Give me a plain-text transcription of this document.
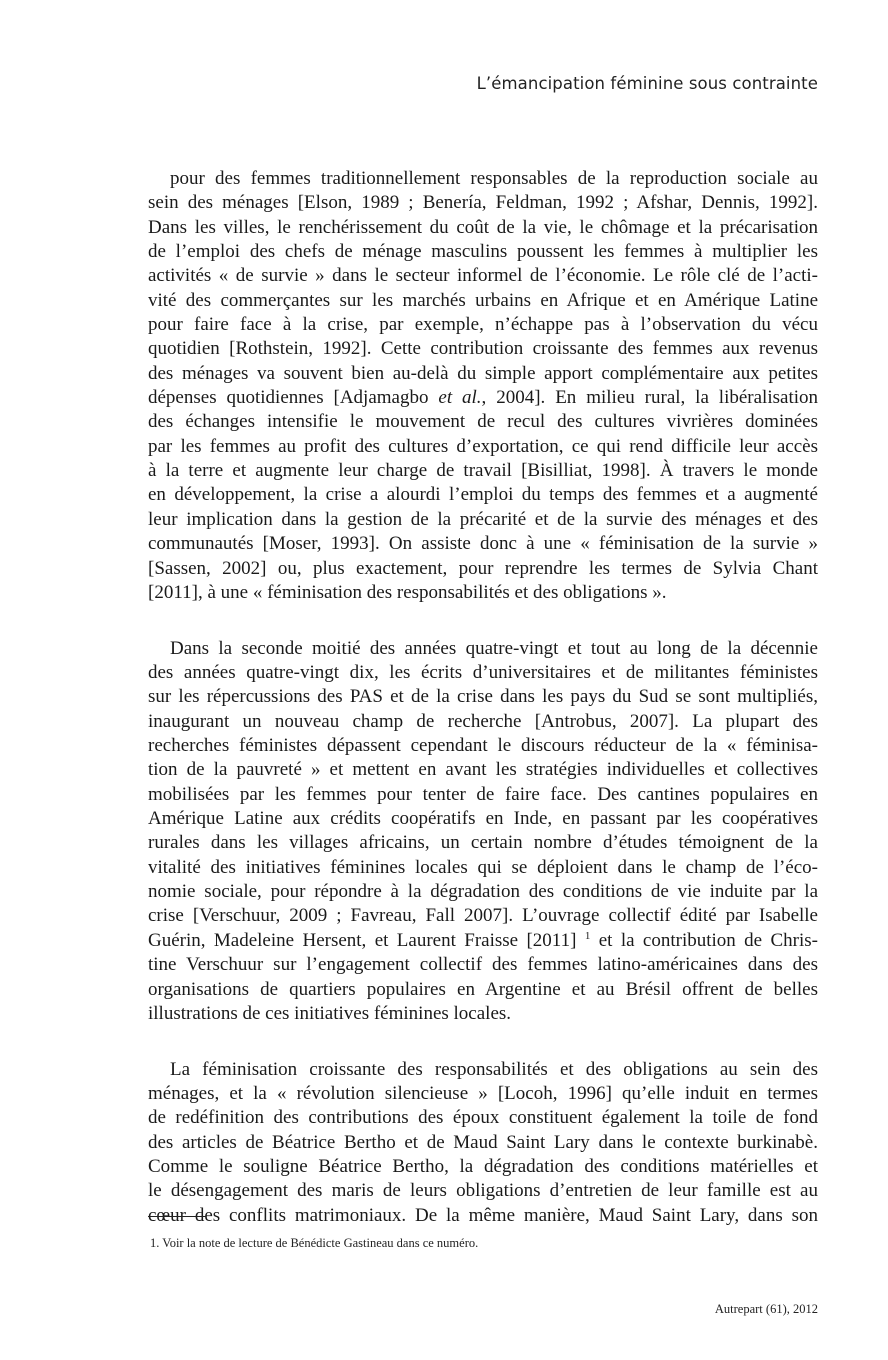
L’émancipation féminine sous contrainte
pour des femmes traditionnellement responsables de la reproduction sociale au
sein des ménages [Elson, 1989 ; Benería, Feldman, 1992 ; Afshar, Dennis, 1992].
Dans les villes, le renchérissement du coût de la vie, le chômage et la précarisation
de l’emploi des chefs de ménage masculins poussent les femmes à multiplier les
activités « de survie » dans le secteur informel de l’économie. Le rôle clé de l’acti-
vité des commerçantes sur les marchés urbains en Afrique et en Amérique Latine
pour faire face à la crise, par exemple, n’échappe pas à l’observation du vécu
quotidien [Rothstein, 1992]. Cette contribution croissante des femmes aux revenus
des ménages va souvent bien au-delà du simple apport complémentaire aux petites
dépenses quotidiennes [Adjamagbo et al., 2004]. En milieu rural, la libéralisation
des échanges intensifie le mouvement de recul des cultures vivrières dominées
par les femmes au profit des cultures d’exportation, ce qui rend difficile leur accès
à la terre et augmente leur charge de travail [Bisilliat, 1998]. À travers le monde
en développement, la crise a alourdi l’emploi du temps des femmes et a augmenté
leur implication dans la gestion de la précarité et de la survie des ménages et des
communautés [Moser, 1993]. On assiste donc à une « féminisation de la survie »
[Sassen, 2002] ou, plus exactement, pour reprendre les termes de Sylvia Chant
[2011], à une « féminisation des responsabilités et des obligations ».
Dans la seconde moitié des années quatre-vingt et tout au long de la décennie
des années quatre-vingt dix, les écrits d’universitaires et de militantes féministes
sur les répercussions des PAS et de la crise dans les pays du Sud se sont multipliés,
inaugurant un nouveau champ de recherche [Antrobus, 2007]. La plupart des
recherches féministes dépassent cependant le discours réducteur de la « féminisa-
tion de la pauvreté » et mettent en avant les stratégies individuelles et collectives
mobilisées par les femmes pour tenter de faire face. Des cantines populaires en
Amérique Latine aux crédits coopératifs en Inde, en passant par les coopératives
rurales dans les villages africains, un certain nombre d’études témoignent de la
vitalité des initiatives féminines locales qui se déploient dans le champ de l’éco-
nomie sociale, pour répondre à la dégradation des conditions de vie induite par la
crise [Verschuur, 2009 ; Favreau, Fall 2007]. L’ouvrage collectif édité par Isabelle
Guérin, Madeleine Hersent, et Laurent Fraisse [2011] $^1$ et la contribution de Chris-
tine Verschuur sur l’engagement collectif des femmes latino-américaines dans des
organisations de quartiers populaires en Argentine et au Brésil offrent de belles
illustrations de ces initiatives féminines locales.
La féminisation croissante des responsabilités et des obligations au sein des
ménages, et la « révolution silencieuse » [Locoh, 1996] qu’elle induit en termes
de redéfinition des contributions des époux constituent également la toile de fond
des articles de Béatrice Bertho et de Maud Saint Lary dans le contexte burkinabè.
Comme le souligne Béatrice Bertho, la dégradation des conditions matérielles et
le désengagement des maris de leurs obligations d’entretien de leur famille est au
cœur des conflits matrimoniaux. De la même manière, Maud Saint Lary, dans son
1. Voir la note de lecture de Bénédicte Gastineau dans ce numéro.
Autrepart (61), 2012
